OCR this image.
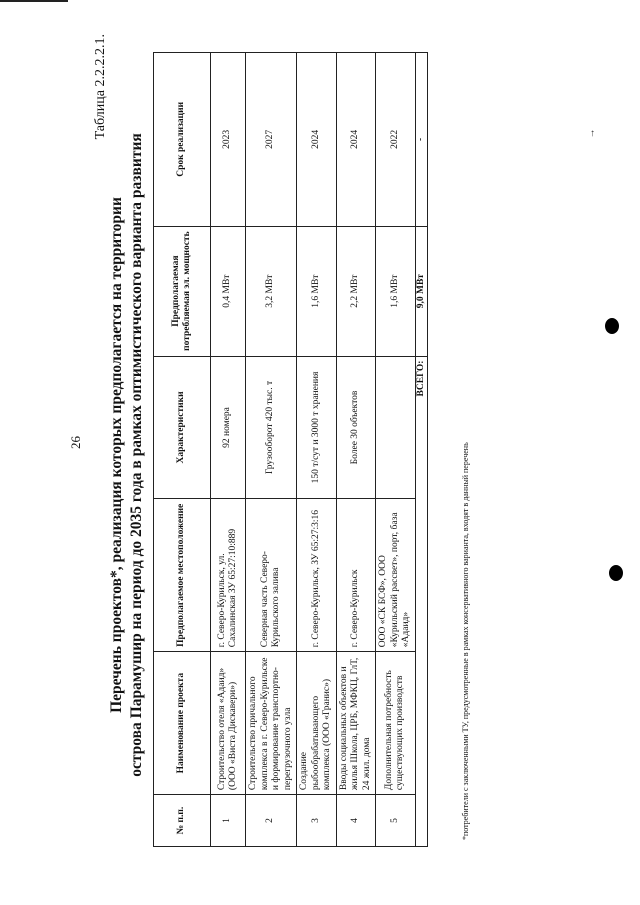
↑
26
Таблица 2.2.2.2.1.
Перечень проектов*, реализация которых предполагается на территории острова Парамушир на период до 2035 года в рамках оптимистического варианта развития
№ п.п.	Наименование проекта	Предполагаемое местоположение	Характеристики	Предполагаемая потребляемая эл. мощность	Срок реализации
1	Строительство отеля «Адаид» (ООО «Виста Дискавери»)	г. Северо-Курильск, ул. Сахалинская ЗУ 65:27:10:889	92 номера	0,4 МВт	2023
2	Строительство причального комплекса в г. Северо-Курильске и формирование транспортно-перегрузочного узла	Северная часть Северо-Курильского залива	Грузооборот 420 тыс. т	3,2 МВт	2027
3	Создание рыбообрабатывающего комплекса (ООО «Гранис»)	г. Северо-Курильск, ЗУ 65:27:3:16	150 т/сут и 3000 т хранения	1,6 МВт	2024
4	Вводы социальных объектов и жилья Школа, ЦРБ, МФКЦ, ГлТ, 24 жил. дома	г. Северо-Курильск	Более 30 объектов	2,2 МВт	2024
5	Дополнительная потребность существующих производств	ООО «СК БСФ», ООО «Курильский рассвет», порт, база «Адаид»		1,6 МВт	2022
ВСЕГО:				9,0 МВт	-
*потребители с заключенными ТУ, предусмотренные в рамках консервативного варианта, входят в данный перечень
